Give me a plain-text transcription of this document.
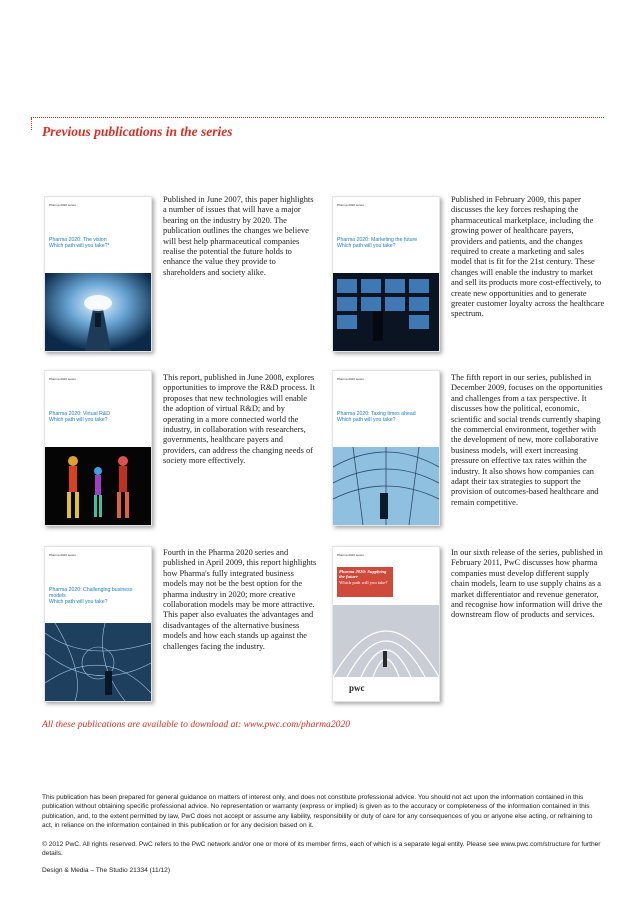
Previous publications in the series
Pharma 2020 series
Pharma 2020: The vision
Which path will you take?*

Published in June 2007, this paper highlights a number of issues that will have a major bearing on the industry by 2020. The publication outlines the changes we believe will best help pharmaceutical companies realise the potential the future holds to enhance the value they provide to shareholders and society alike.

Pharma 2020 series
Pharma 2020: Marketing the future
Which path will you take?

Published in February 2009, this paper discusses the key forces reshaping the pharmaceutical marketplace, including the growing power of healthcare payers, providers and patients, and the changes required to create a marketing and sales model that is fit for the 21st century. These changes will enable the industry to market and sell its products more cost-effectively, to create new opportunities and to generate greater customer loyalty across the healthcare spectrum.

Pharma 2020 series
Pharma 2020: Virtual R&D
Which path will you take?

This report, published in June 2008, explores opportunities to improve the R&D process. It proposes that new technologies will enable the adoption of virtual R&D; and by operating in a more connected world the industry, in collaboration with researchers, governments, healthcare payers and providers, can address the changing needs of society more effectively.

Pharma 2020 series
Pharma 2020: Taxing times ahead
Which path will you take?

The fifth report in our series, published in December 2009, focuses on the opportunities and challenges from a tax perspective. It discusses how the political, economic, scientific and social trends currently shaping the commercial environment, together with the development of new, more collaborative business models, will exert increasing pressure on effective tax rates within the industry. It also shows how companies can adapt their tax strategies to support the provision of outcomes-based healthcare and remain competitive.

Pharma 2020 series
Pharma 2020: Challenging business models
Which path will you take?

Fourth in the Pharma 2020 series and published in April 2009, this report highlights how Pharma's fully integrated business models may not be the best option for the pharma industry in 2020; more creative collaboration models may be more attractive. This paper also evaluates the advantages and disadvantages of the alternative business models and how each stands up against the challenges facing the industry.

Pharma 2020 series
Pharma 2020: Supplying the future
Which path will you take?
pwc

In our sixth release of the series, published in February 2011, PwC discusses how pharma companies must develop different supply chain models, learn to use supply chains as a market differentiator and revenue generator, and recognise how information will drive the downstream flow of products and services.

All these publications are available to download at: www.pwc.com/pharma2020

This publication has been prepared for general guidance on matters of interest only, and does not constitute professional advice. You should not act upon the information contained in this publication without obtaining specific professional advice. No representation or warranty (express or implied) is given as to the accuracy or completeness of the information contained in this publication, and, to the extent permitted by law, PwC does not accept or assume any liability, responsibility or duty of care for any consequences of you or anyone else acting, or refraining to act, in reliance on the information contained in this publication or for any decision based on it.

© 2012 PwC. All rights reserved. PwC refers to the PwC network and/or one or more of its member firms, each of which is a separate legal entity. Please see www.pwc.com/structure for further details.

Design & Media – The Studio 21334 (11/12)
